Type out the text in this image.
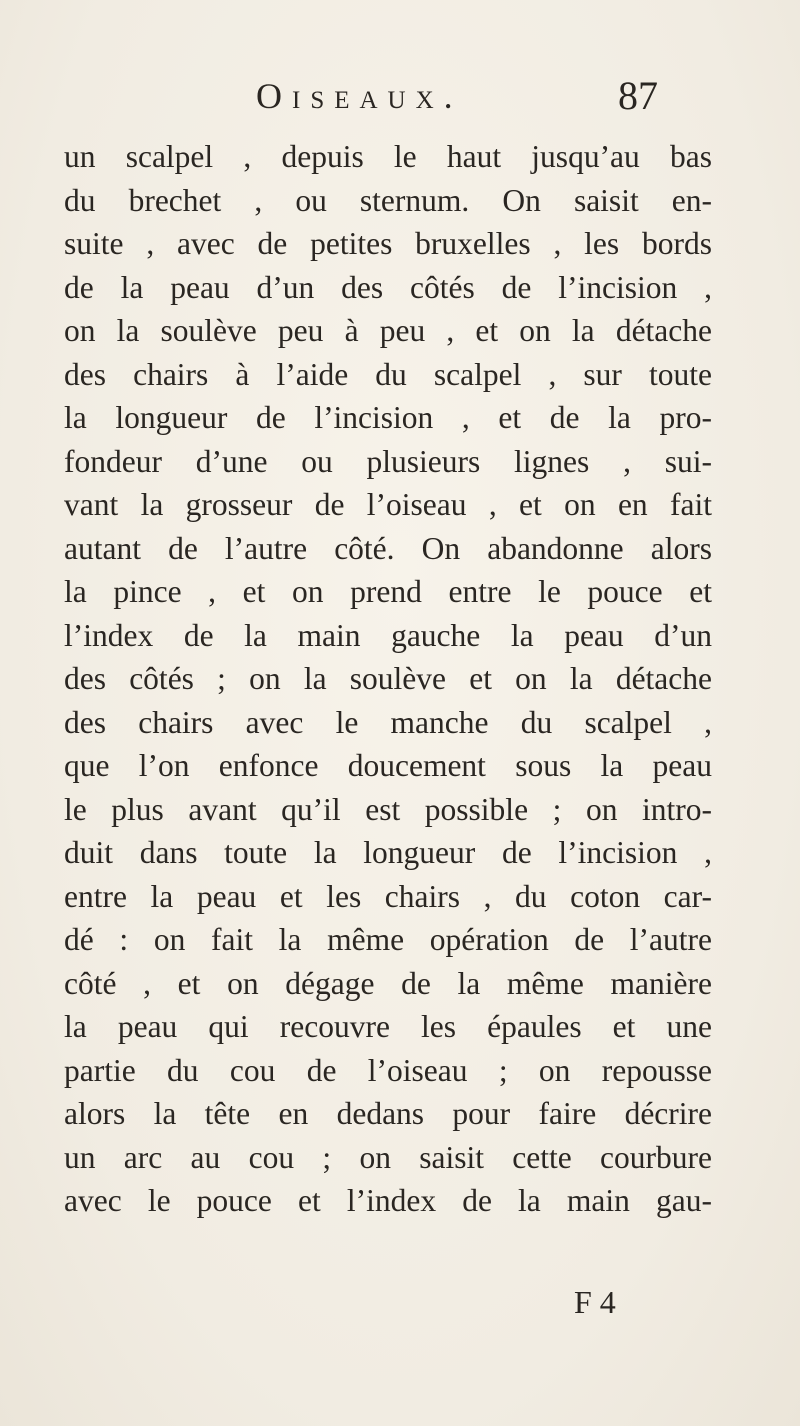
Oiseaux.	87
un scalpel , depuis le haut jusqu’au bas
du brechet , ou sternum. On saisit en-
suite , avec de petites bruxelles , les bords
de la peau d’un des côtés de l’incision ,
on la soulève peu à peu , et on la détache
des chairs à l’aide du scalpel , sur toute
la longueur de l’incision , et de la pro-
fondeur d’une ou plusieurs lignes , sui-
vant la grosseur de l’oiseau , et on en fait
autant de l’autre côté. On abandonne alors
la pince , et on prend entre le pouce et
l’index de la main gauche la peau d’un
des côtés ; on la soulève et on la détache
des chairs avec le manche du scalpel ,
que l’on enfonce doucement sous la peau
le plus avant qu’il est possible ; on intro-
duit dans toute la longueur de l’incision ,
entre la peau et les chairs , du coton car-
dé : on fait la même opération de l’autre
côté , et on dégage de la même manière
la peau qui recouvre les épaules et une
partie du cou de l’oiseau ; on repousse
alors la tête en dedans pour faire décrire
un arc au cou ; on saisit cette courbure
avec le pouce et l’index de la main gau-
F 4
